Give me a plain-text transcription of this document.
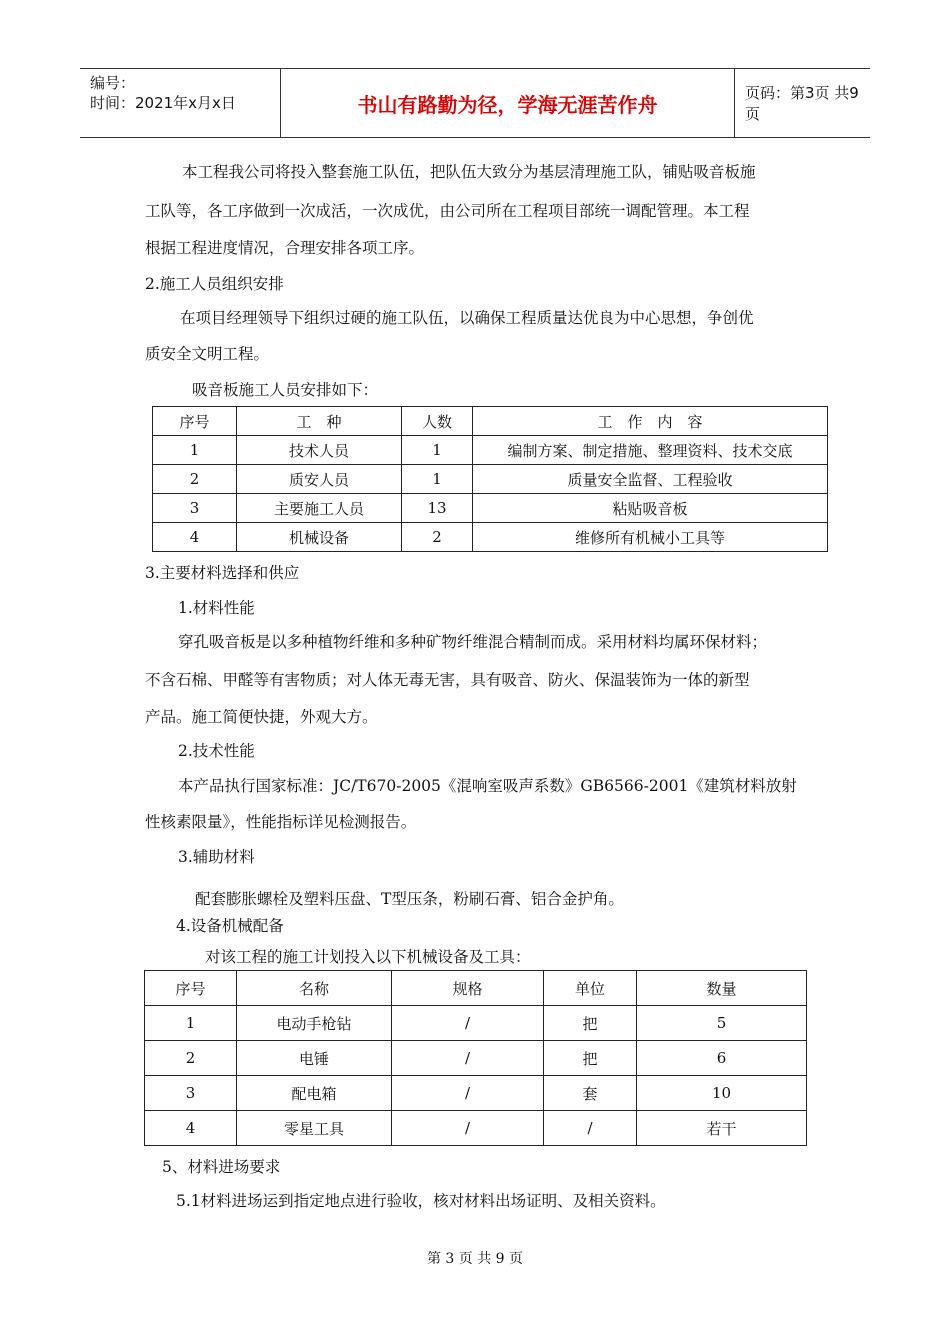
编号：
时间：2021年x月x日	书山有路勤为径，学海无涯苦作舟	页码：第3页 共9页
本工程我公司将投入整套施工队伍，把队伍大致分为基层清理施工队，铺贴吸音板施
工队等，各工序做到一次成活，一次成优，由公司所在工程项目部统一调配管理。本工程
根据工程进度情况，合理安排各项工序。
2.施工人员组织安排
在项目经理领导下组织过硬的施工队伍，以确保工程质量达优良为中心思想，争创优
质安全文明工程。
吸音板施工人员安排如下：
序号	工　种	人数	工　作　内　容
1	技术人员	1	编制方案、制定措施、整理资料、技术交底
2	质安人员	1	质量安全监督、工程验收
3	主要施工人员	13	粘贴吸音板
4	机械设备	2	维修所有机械小工具等
3.主要材料选择和供应
1.材料性能
穿孔吸音板是以多种植物纤维和多种矿物纤维混合精制而成。采用材料均属环保材料；
不含石棉、甲醛等有害物质；对人体无毒无害，具有吸音、防火、保温装饰为一体的新型
产品。施工简便快捷，外观大方。
2.技术性能
本产品执行国家标准：JC/T670-2005《混响室吸声系数》GB6566-2001《建筑材料放射
性核素限量》，性能指标详见检测报告。
3.辅助材料
配套膨胀螺栓及塑料压盘、T型压条，粉刷石膏、铝合金护角。
4.设备机械配备
对该工程的施工计划投入以下机械设备及工具：
序号	名称	规格	单位	数量
1	电动手枪钻	/	把	5
2	电锤	/	把	6
3	配电箱	/	套	10
4	零星工具	/	/	若干
5、材料进场要求
5.1材料进场运到指定地点进行验收，核对材料出场证明、及相关资料。
第 3 页 共 9 页
